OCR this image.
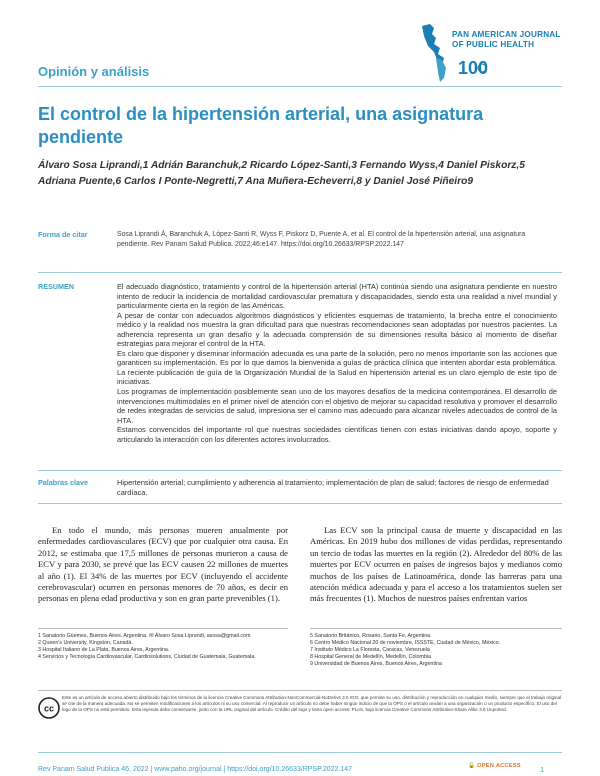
100
PAN AMERICAN JOURNAL
OF PUBLIC HEALTH
Opinión y análisis
El control de la hipertensión arterial, una asignatura pendiente
Álvaro Sosa Liprandi,1 Adrián Baranchuk,2 Ricardo López-Santi,3 Fernando Wyss,4 Daniel Piskorz,5 Adriana Puente,6 Carlos I Ponte-Negretti,7 Ana Muñera-Echeverri,8 y Daniel José Piñeiro9
Forma de citar	Sosa Liprandi Á, Baranchuk A, López-Santi R, Wyss F, Piskorz D, Puente A, et al. El control de la hipertensión arterial, una asignatura pendiente. Rev Panam Salud Publica. 2022;46:e147. https://doi.org/10.26633/RPSP.2022.147
RESUMEN	El adecuado diagnóstico, tratamiento y control de la hipertensión arterial (HTA) continúa siendo una asignatura pendiente en nuestro intento de reducir la incidencia de mortalidad cardiovascular prematura y discapacidades, siendo esta una realidad a nivel mundial y particularmente cierta en la región de las Américas.

A pesar de contar con adecuados algoritmos diagnósticos y eficientes esquemas de tratamiento, la brecha entre el conocimiento médico y la realidad nos muestra la gran dificultad para que nuestras recomendaciones sean adoptadas por nuestros pacientes. La adherencia representa un gran desafío y la adecuada comprensión de su dimensiones resulta básico al momento de diseñar estrategias para mejorar el control de la HTA.

Es claro que disponer y diseminar información adecuada es una parte de la solución, pero no menos importante son las acciones que garanticen su implementación. Es por lo que damos la bienvenida a guías de práctica clínica que intenten abordar esta problemática. La reciente publicación de guía de la Organización Mundial de la Salud en hipertensión arterial es un claro ejemplo de este tipo de iniciativas.

Los programas de implementación posiblemente sean uno de los mayores desafíos de la medicina contemporánea. El desarrollo de intervenciones multimodales en el primer nivel de atención con el objetivo de mejorar su capacidad resolutiva y promover el desarrollo de redes integradas de servicios de salud, impresiona ser el camino mas adecuado para alcanzar niveles adecuados de control de la HTA.

Estamos convencidos del importante rol que nuestras sociedades científicas tienen con estas iniciativas dando apoyo, soporte y articulando la interacción con los diferentes actores involucrados.

Palabras clave	Hipertensión arterial; cumplimiento y adherencia al tratamiento; implementación de plan de salud; factores de riesgo de enfermedad cardíaca.
En todo el mundo, más personas mueren anualmente por enfermedades cardiovasculares (ECV) que por cualquier otra causa. En 2012, se estimaba que 17,5 millones de personas murieron a causa de ECV y para 2030, se prevé que las ECV causen 22 millones de muertes al año (1). El 34% de las muertes por ECV (incluyendo el accidente cerebrovascular) ocurren en personas menores de 70 años, es decir en personas en plena edad productiva y son en gran parte prevenibles (1).
Las ECV son la principal causa de muerte y discapacidad en las Américas. En 2019 hubo dos millones de vidas perdidas, representando un tercio de todas las muertes en la región (2). Alrededor del 80% de las muertes por ECV ocurren en países de ingresos bajos y medianos como muchos de los países de Latinoamérica, donde las barreras para una atención médica adecuada y para el acceso a los tratamientos suelen ser más frecuentes (1). Muchos de nuestros países enfrentan varios
1 Sanatorio Güemes, Buenos Aires, Argentina. ✉ Álvaro Sosa Liprandi, asosa@gmail.com
2 Queen's University, Kingston, Canadá.
3 Hospital Italiano de La Plata, Buenos Aires, Argentina.
4 Servicios y Tecnología Cardiovascular, Cardiosolutions, Ciudad de Guatemala, Guatemala.
5 Sanatorio Británico, Rosario, Santa Fe, Argentina.
6 Centro Médico Nacional 20 de noviembre, ISSSTE, Ciudad de México, México.
7 Instituto Médico La Floresta, Caracas, Venezuela
8 Hospital General de Medellín, Medellín, Colombia
9 Universidad de Buenos Aires, Buenos Aires, Argentina
cc
Este es un artículo de acceso abierto distribuido bajo los términos de la licencia Creative Commons Attribution-NonCommercial-NoDerivs 3.0 IGO, que permite su uso, distribución y reproducción en cualquier medio, siempre que el trabajo original se cite de la manera adecuada. No se permiten modificaciones a los artículos ni su uso comercial. Al reproducir un artículo no debe haber ningún indicio de que la OPS o el artículo avalan a una organización o un producto específico. El uso del logo de la OPS no está permitido. Esta leyenda debe conservarse, junto con la URL original del artículo. Crédito del logo y texto open access: PLoS, bajo licencia Creative Commons Attribution-Share Alike 3.0 Unported.
Rev Panam Salud Publica 46, 2022 | www.paho.org/journal | https://doi.org/10.26633/RPSP.2022.147	🔓 OPEN ACCESS	1
